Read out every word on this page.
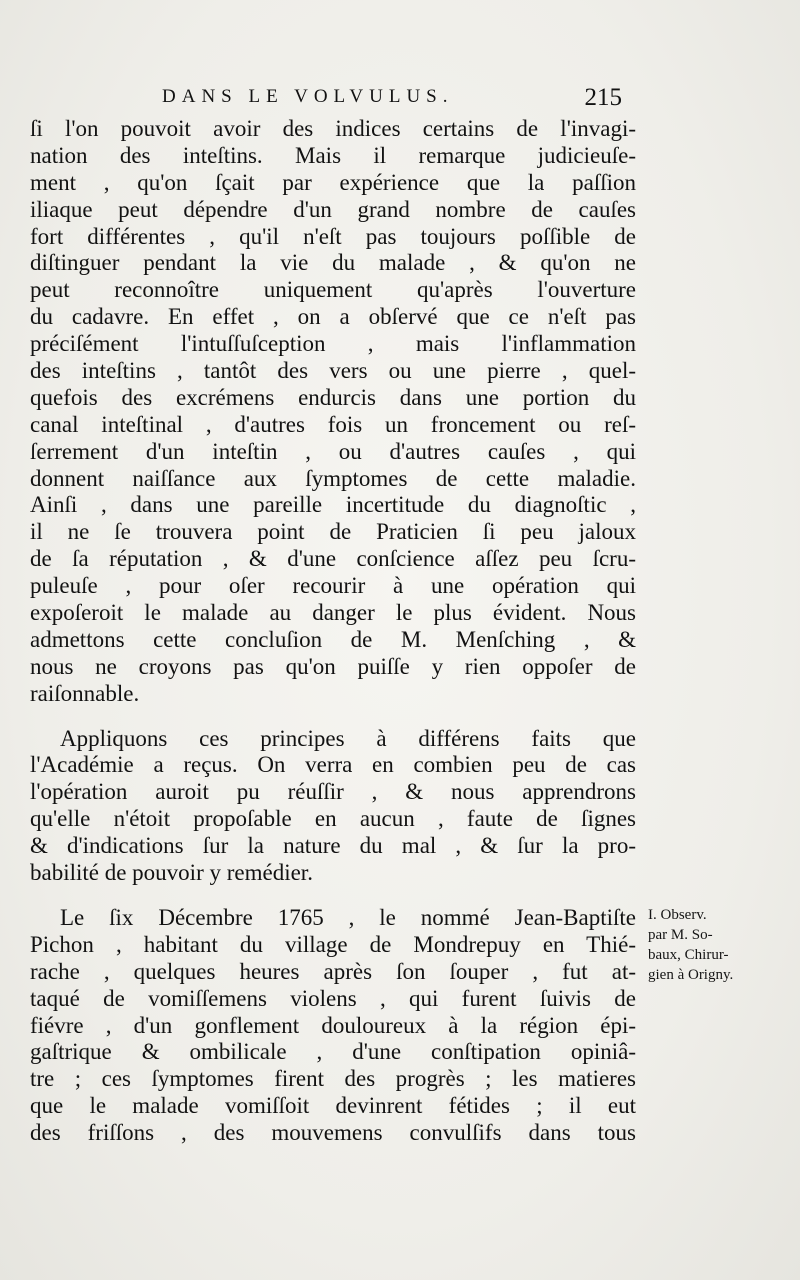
DANS LE VOLVULUS.	215
ſi l'on pouvoit avoir des indices certains de l'invagi-
nation des inteſtins. Mais il remarque judicieuſe-
ment , qu'on ſçait par expérience que la paſſion
iliaque peut dépendre d'un grand nombre de cauſes
fort différentes , qu'il n'eſt pas toujours poſſible de
diſtinguer pendant la vie du malade , & qu'on ne
peut reconnoître uniquement qu'après l'ouverture
du cadavre. En effet , on a obſervé que ce n'eſt pas
préciſément l'intuſſuſception , mais l'inflammation
des inteſtins , tantôt des vers ou une pierre , quel-
quefois des excrémens endurcis dans une portion du
canal inteſtinal , d'autres fois un froncement ou reſ-
ſerrement d'un inteſtin , ou d'autres cauſes , qui
donnent naiſſance aux ſymptomes de cette maladie.
Ainſi , dans une pareille incertitude du diagnoſtic ,
il ne ſe trouvera point de Praticien ſi peu jaloux
de ſa réputation , & d'une conſcience aſſez peu ſcru-
puleuſe , pour oſer recourir à une opération qui
expoſeroit le malade au danger le plus évident. Nous
admettons cette concluſion de M. Menſching , &
nous ne croyons pas qu'on puiſſe y rien oppoſer de
raiſonnable.
Appliquons ces principes à différens faits que
l'Académie a reçus. On verra en combien peu de cas
l'opération auroit pu réuſſir , & nous apprendrons
qu'elle n'étoit propoſable en aucun , faute de ſignes
& d'indications ſur la nature du mal , & ſur la pro-
babilité de pouvoir y remédier.
Le ſix Décembre 1765 , le nommé Jean-Baptiſte
Pichon , habitant du village de Mondrepuy en Thié-
rache , quelques heures après ſon ſouper , fut at-
taqué de vomiſſemens violens , qui furent ſuivis de
fiévre , d'un gonflement douloureux à la région épi-
gaſtrique & ombilicale , d'une conſtipation opiniâ-
tre ; ces ſymptomes firent des progrès ; les matieres
que le malade vomiſſoit devinrent fétides ; il eut
des friſſons , des mouvemens convulſifs dans tous
I. Observ.
par M. So-
baux, Chirur-
gien à Origny.
